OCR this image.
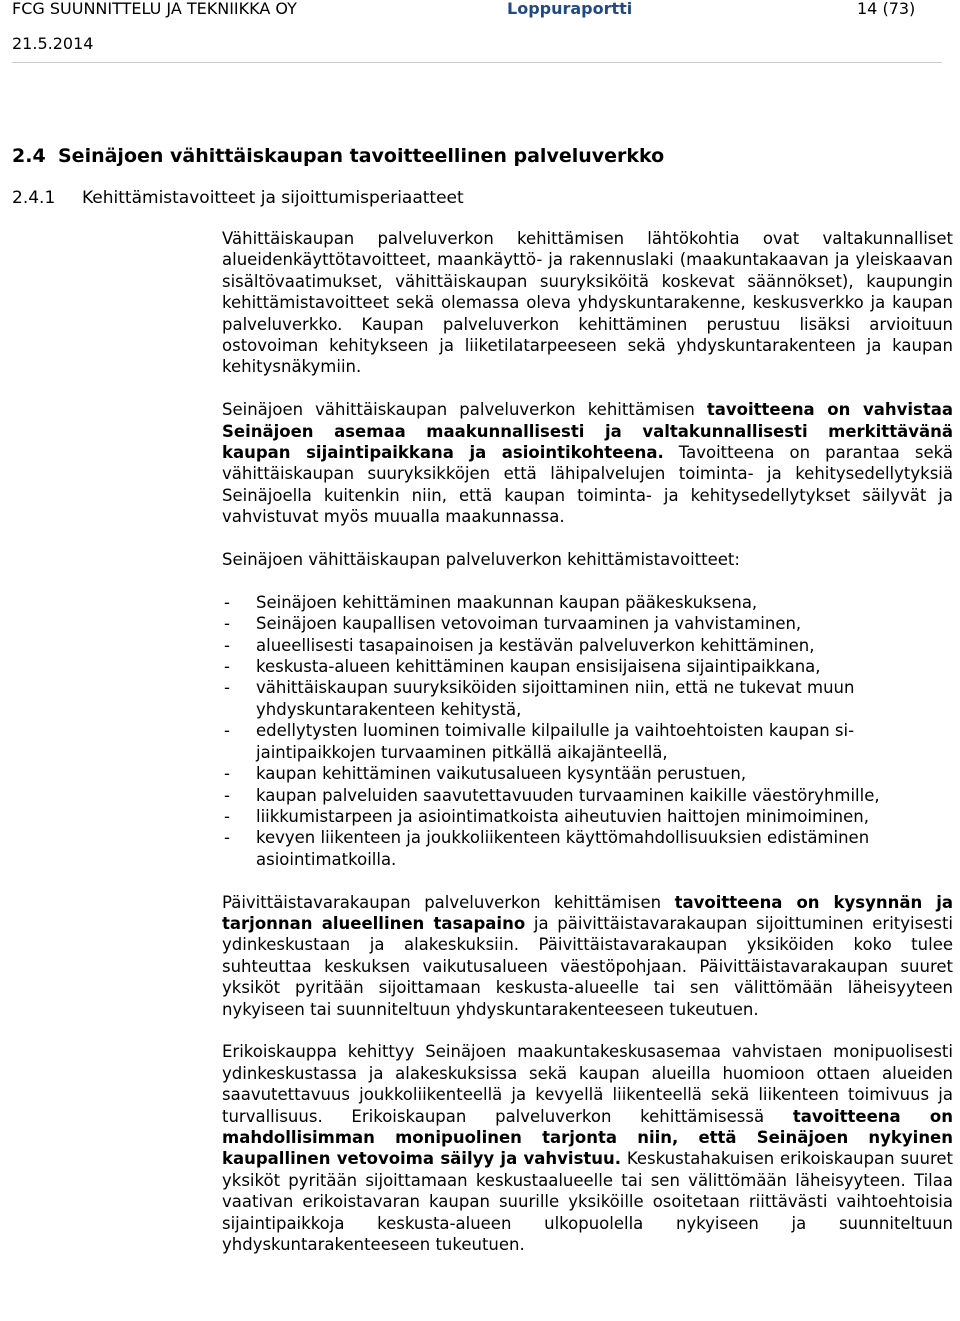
FCG SUUNNITTELU JA TEKNIIKKA OY	Loppuraportti	14 (73)
21.5.2014
2.4 Seinäjoen vähittäiskaupan tavoitteellinen palveluverkko
2.4.1 Kehittämistavoitteet ja sijoittumisperiaatteet

Vähittäiskaupan palveluverkon kehittämisen lähtökohtia ovat valtakunnalliset alueidenkäyttötavoitteet, maankäyttö- ja rakennuslaki (maakuntakaavan ja yleiskaavan sisältövaatimukset, vähittäiskaupan suuryksiköitä koskevat säännökset), kaupungin kehittämistavoitteet sekä olemassa oleva yhdyskuntarakenne, keskusverkko ja kaupan palveluverkko. Kaupan palveluverkon kehittäminen perustuu lisäksi arvioituun ostovoiman kehitykseen ja liiketilatarpeeseen sekä yhdyskuntarakenteen ja kaupan kehitysnäkymiin.

Seinäjoen vähittäiskaupan palveluverkon kehittämisen tavoitteena on vahvistaa Seinäjoen asemaa maakunnallisesti ja valtakunnallisesti merkittävänä kaupan sijaintipaikkana ja asiointikohteena. Tavoitteena on parantaa sekä vähittäiskaupan suuryksikköjen että lähipalvelujen toiminta- ja kehitysedellytyksiä Seinäjoella kuitenkin niin, että kaupan toiminta- ja kehitysedellytykset säilyvät ja vahvistuvat myös muualla maakunnassa.

Seinäjoen vähittäiskaupan palveluverkon kehittämistavoitteet:

- Seinäjoen kehittäminen maakunnan kaupan pääkeskuksena,
- Seinäjoen kaupallisen vetovoiman turvaaminen ja vahvistaminen,
- alueellisesti tasapainoisen ja kestävän palveluverkon kehittäminen,
- keskusta-alueen kehittäminen kaupan ensisijaisena sijaintipaikkana,
- vähittäiskaupan suuryksiköiden sijoittaminen niin, että ne tukevat muun yhdyskuntarakenteen kehitystä,
- edellytysten luominen toimivalle kilpailulle ja vaihtoehtoisten kaupan sijaintipaikkojen turvaaminen pitkällä aikajänteellä,
- kaupan kehittäminen vaikutusalueen kysyntään perustuen,
- kaupan palveluiden saavutettavuuden turvaaminen kaikille väestöryhmille,
- liikkumistarpeen ja asiointimatkoista aiheutuvien haittojen minimoiminen,
- kevyen liikenteen ja joukkoliikenteen käyttömahdollisuuksien edistäminen asiointimatkoilla.

Päivittäistavarakaupan palveluverkon kehittämisen tavoitteena on kysynnän ja tarjonnan alueellinen tasapaino ja päivittäistavarakaupan sijoittuminen erityisesti ydinkeskustaan ja alakeskuksiin. Päivittäistavarakaupan yksiköiden koko tulee suhteuttaa keskuksen vaikutusalueen väestöpohjaan. Päivittäistavarakaupan suuret yksiköt pyritään sijoittamaan keskusta-alueelle tai sen välittömään läheisyyteen nykyiseen tai suunniteltuun yhdyskuntarakenteeseen tukeutuen.

Erikoiskauppa kehittyy Seinäjoen maakuntakeskusasemaa vahvistaen monipuolisesti ydinkeskustassa ja alakeskuksissa sekä kaupan alueilla huomioon ottaen alueiden saavutettavuus joukkoliikenteellä ja kevyellä liikenteellä sekä liikenteen toimivuus ja turvallisuus. Erikoiskaupan palveluverkon kehittämisessä tavoitteena on mahdollisimman monipuolinen tarjonta niin, että Seinäjoen nykyinen kaupallinen vetovoima säilyy ja vahvistuu. Keskustahakuisen erikoiskaupan suuret yksiköt pyritään sijoittamaan keskustaalueelle tai sen välittömään läheisyyteen. Tilaa vaativan erikoistavaran kaupan suurille yksiköille osoitetaan riittävästi vaihtoehtoisia sijaintipaikkoja keskusta-alueen ulkopuolella nykyiseen ja suunniteltuun yhdyskuntarakenteeseen tukeutuen.
